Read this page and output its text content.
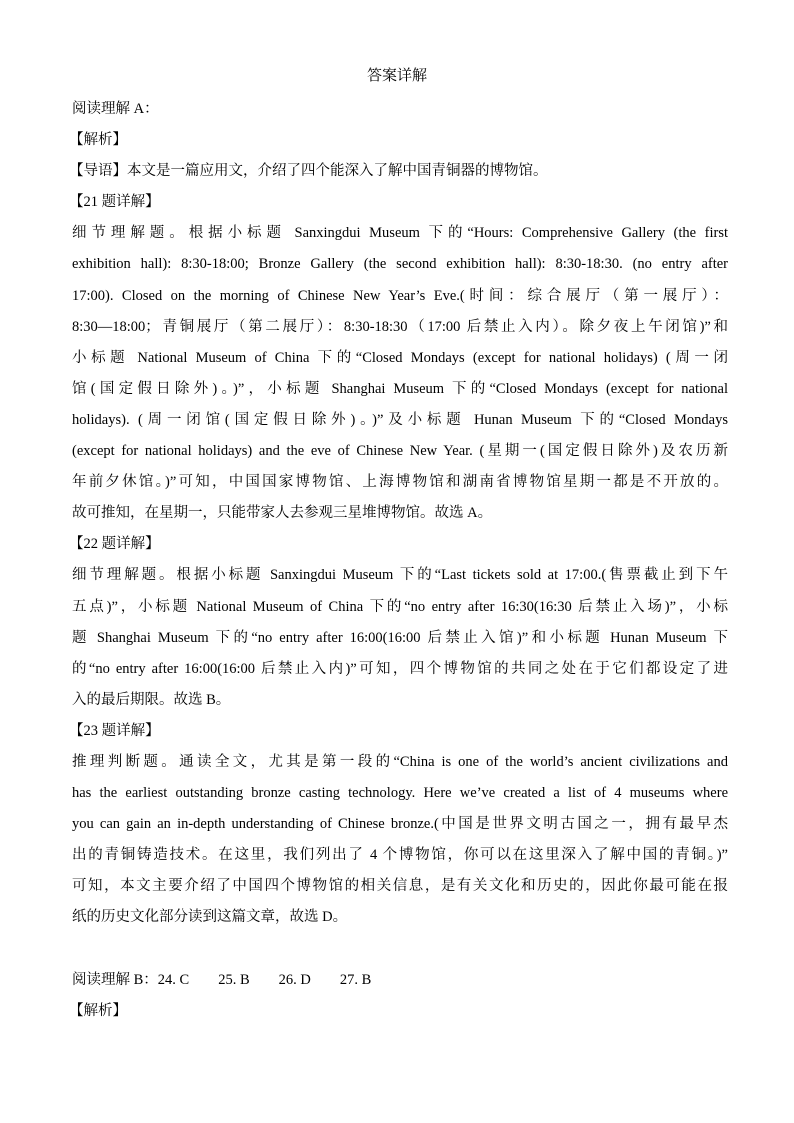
答案详解
阅读理解 A：
【解析】
【导语】本文是一篇应用文，介绍了四个能深入了解中国青铜器的博物馆。
【21 题详解】
细节理解题。根据小标题 Sanxingdui Museum 下的“Hours: Comprehensive Gallery (the first
exhibition hall): 8:30-18:00; Bronze Gallery (the second exhibition hall): 8:30-18:30. (no entry after
17:00). Closed on the morning of Chinese New Year’s Eve.(时间：综合展厅（第一展厅）：
8:30—18:00；青铜展厅（第二展厅）：8:30-18:30（17:00 后禁止入内）。除夕夜上午闭馆)”和
小标题 National Museum of China 下的“Closed Mondays (except for national holidays) (周一闭
馆(国定假日除外)。)”，小标题 Shanghai Museum 下的“Closed Mondays (except for national
holidays). (周一闭馆(国定假日除外)。)”及小标题 Hunan Museum 下的“Closed Mondays
(except for national holidays) and the eve of Chinese New Year. (星期一(国定假日除外)及农历新
年前夕休馆。)”可知，中国国家博物馆、上海博物馆和湖南省博物馆星期一都是不开放的。
故可推知，在星期一，只能带家人去参观三星堆博物馆。故选 A。
【22 题详解】
细节理解题。根据小标题 Sanxingdui Museum 下的“Last tickets sold at 17:00.(售票截止到下午
五点)”，小标题 National Museum of China 下的“no entry after 16:30(16:30 后禁止入场)”，小标
题 Shanghai Museum 下的“no entry after 16:00(16:00 后禁止入馆)”和小标题 Hunan Museum 下
的“no entry after 16:00(16:00 后禁止入内)”可知，四个博物馆的共同之处在于它们都设定了进
入的最后期限。故选 B。
【23 题详解】
推理判断题。通读全文，尤其是第一段的“China is one of the world’s ancient civilizations and
has the earliest outstanding bronze casting technology. Here we’ve created a list of 4 museums where
you can gain an in-depth understanding of Chinese bronze.(中国是世界文明古国之一，拥有最早杰
出的青铜铸造技术。在这里，我们列出了 4 个博物馆，你可以在这里深入了解中国的青铜。)”
可知，本文主要介绍了中国四个博物馆的相关信息，是有关文化和历史的，因此你最可能在报
纸的历史文化部分读到这篇文章，故选 D。
阅读理解 B：24. C        25. B        26. D        27. B
【解析】
